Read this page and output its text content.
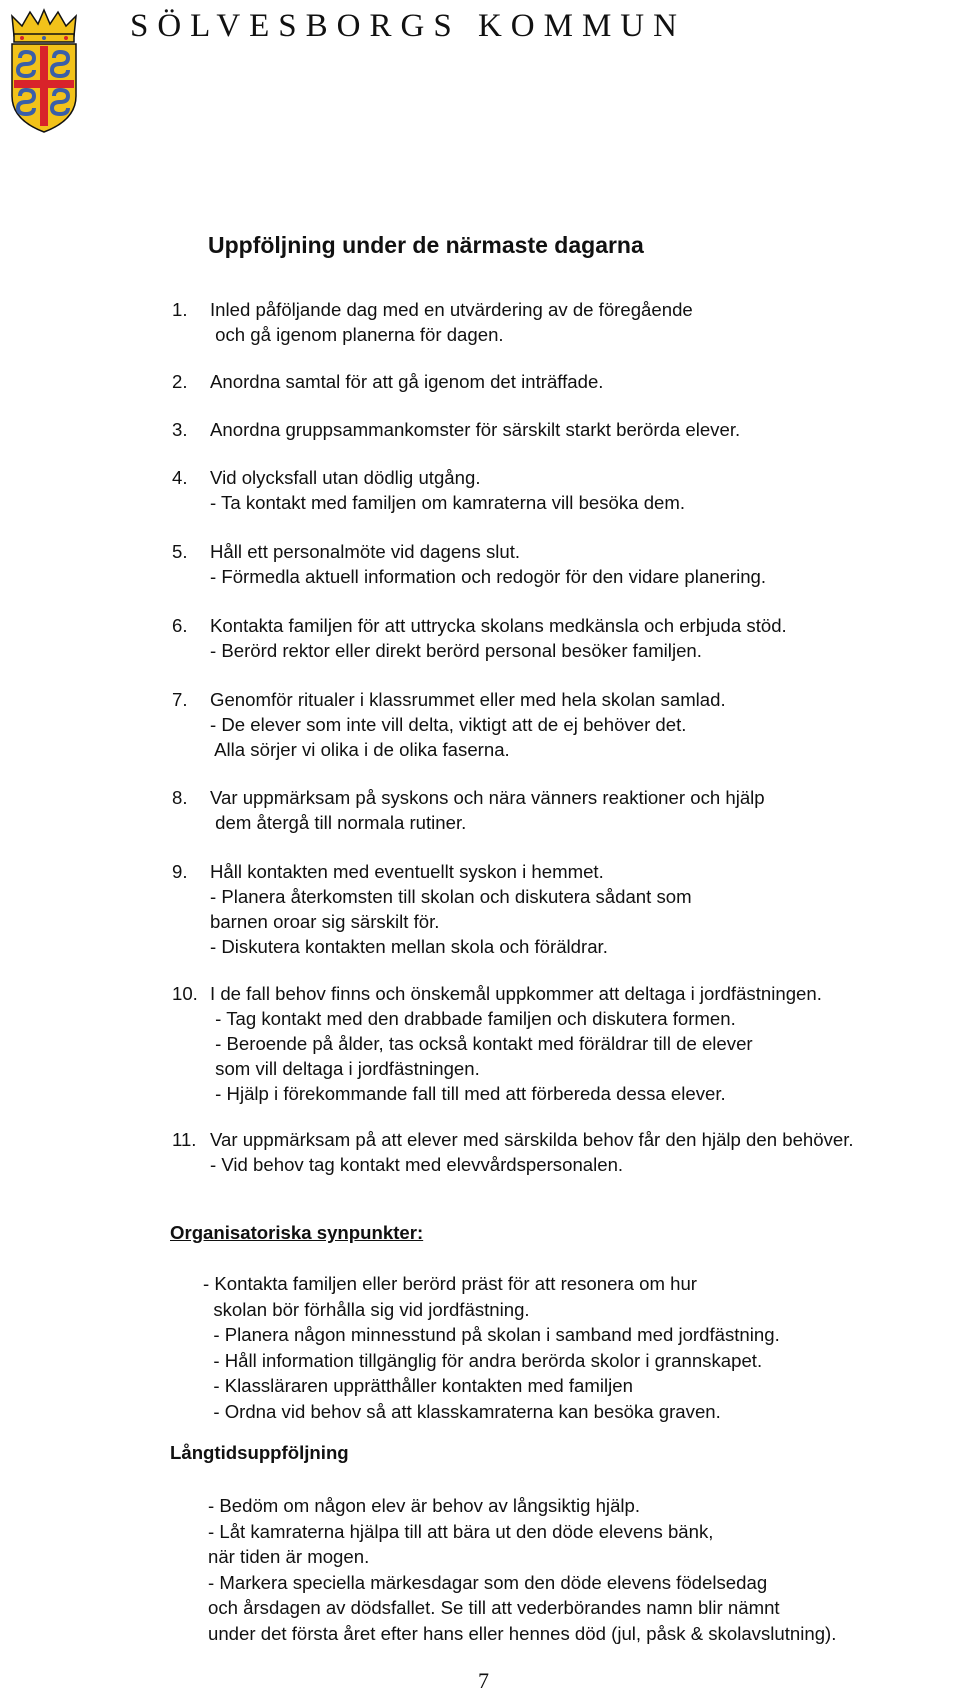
SÖLVESBORGS KOMMUN
Uppföljning under de närmaste dagarna
1. Inled påföljande dag med en utvärdering av de föregående

och gå igenom planerna för dagen.

2. Anordna samtal för att gå igenom det inträffade.

3. Anordna gruppsammankomster för särskilt starkt berörda elever.

4. Vid olycksfall utan dödlig utgång.

- Ta kontakt med familjen om kamraterna vill besöka dem.

5. Håll ett personalmöte vid dagens slut.

- Förmedla aktuell information och redogör för den vidare planering.

6. Kontakta familjen för att uttrycka skolans medkänsla och erbjuda stöd.

- Berörd rektor eller direkt berörd personal besöker familjen.

7. Genomför ritualer i klassrummet eller med hela skolan samlad.

- De elever som inte vill delta, viktigt att de ej behöver det.

Alla sörjer vi olika i de olika faserna.

8. Var uppmärksam på syskons och nära vänners reaktioner och hjälp

dem återgå till normala rutiner.

9. Håll kontakten med eventuellt syskon i hemmet.

- Planera återkomsten till skolan och diskutera sådant som

barnen oroar sig särskilt för.

- Diskutera kontakten mellan skola och föräldrar.

10. I de fall behov finns och önskemål uppkommer att deltaga i jordfästningen.

- Tag kontakt med den drabbade familjen och diskutera formen.

- Beroende på ålder, tas också kontakt med föräldrar till de elever

som vill deltaga i jordfästningen.

- Hjälp i förekommande fall till med att förbereda dessa elever.

11. Var uppmärksam på att elever med särskilda behov får den hjälp den behöver.

- Vid behov tag kontakt med elevvårdspersonalen.

Organisatoriska synpunkter:

- Kontakta familjen eller berörd präst för att resonera om hur

skolan bör förhålla sig vid jordfästning.

- Planera någon minnesstund på skolan i samband med jordfästning.

- Håll information tillgänglig för andra berörda skolor i grannskapet.

- Klassläraren upprätthåller kontakten med familjen

- Ordna vid behov så att klasskamraterna kan besöka graven.

Långtidsuppföljning

- Bedöm om någon elev är behov av långsiktig hjälp.

- Låt kamraterna hjälpa till att bära ut den döde elevens bänk,

när tiden är mogen.

- Markera speciella märkesdagar som den döde elevens födelsedag

och årsdagen av dödsfallet. Se till att vederbörandes namn blir nämnt

under det första året efter hans eller hennes död (jul, påsk & skolavslutning).

7
